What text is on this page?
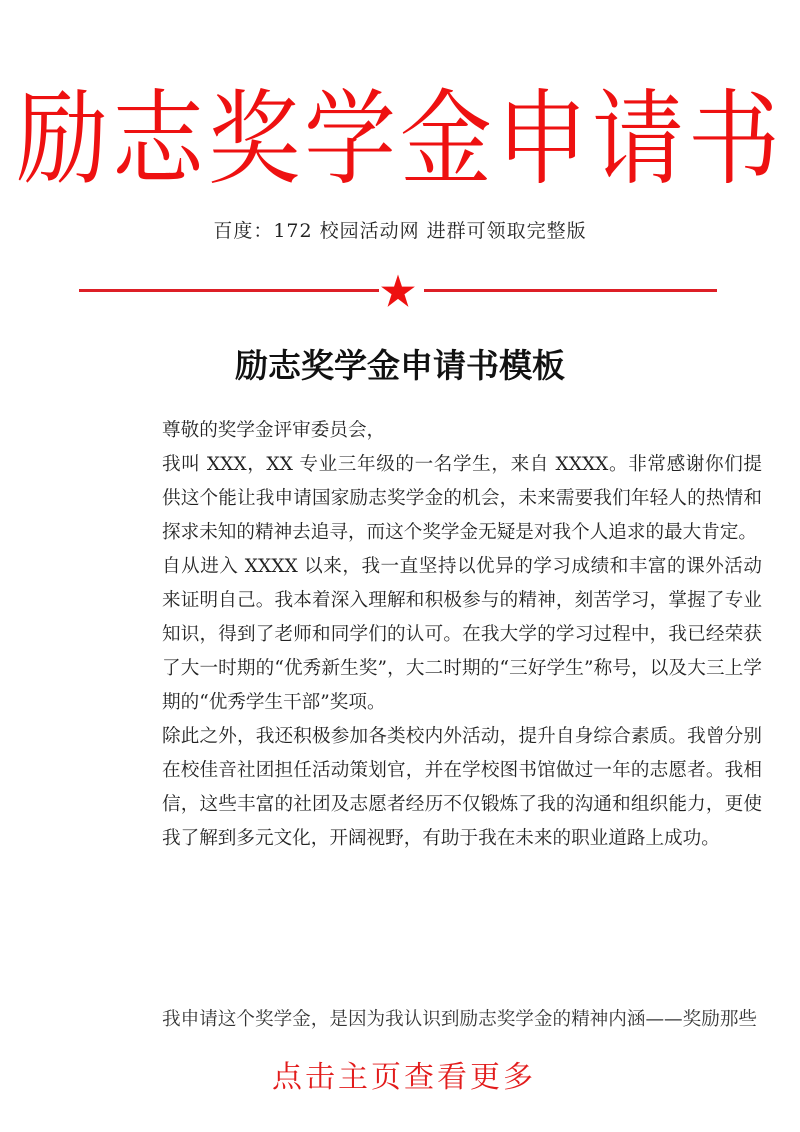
励志奖学金申请书
百度：172 校园活动网 进群可领取完整版
励志奖学金申请书模板

尊敬的奖学金评审委员会，

我叫 XXX，XX 专业三年级的一名学生，来自 XXXX。非常感谢你们提供这个能让我申请国家励志奖学金的机会，未来需要我们年轻人的热情和探求未知的精神去追寻，而这个奖学金无疑是对我个人追求的最大肯定。

自从进入 XXXX 以来，我一直坚持以优异的学习成绩和丰富的课外活动来证明自己。我本着深入理解和积极参与的精神，刻苦学习，掌握了专业知识，得到了老师和同学们的认可。在我大学的学习过程中，我已经荣获了大一时期的“优秀新生奖”，大二时期的“三好学生”称号，以及大三上学期的“优秀学生干部”奖项。

除此之外，我还积极参加各类校内外活动，提升自身综合素质。我曾分别在校佳音社团担任活动策划官，并在学校图书馆做过一年的志愿者。我相信，这些丰富的社团及志愿者经历不仅锻炼了我的沟通和组织能力，更使我了解到多元文化，开阔视野，有助于我在未来的职业道路上成功。

我申请这个奖学金，是因为我认识到励志奖学金的精神内涵——奖励那些
点击主页查看更多
